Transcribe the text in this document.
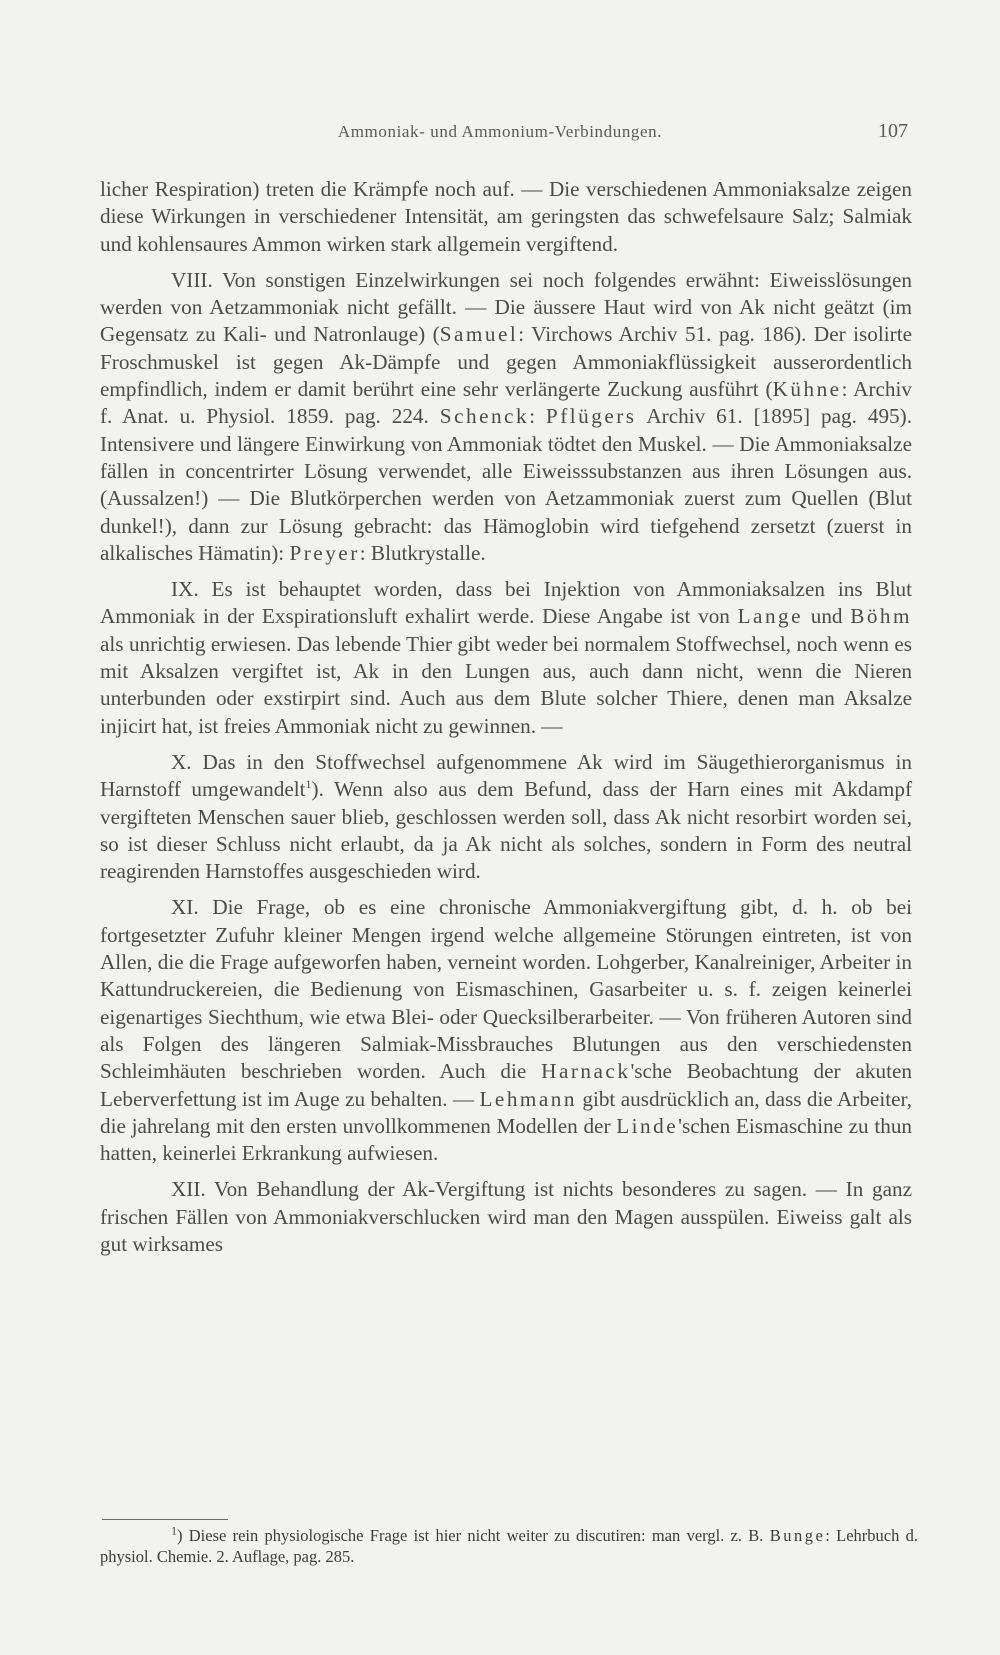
Ammoniak- und Ammonium-Verbindungen.	107

licher Respiration) treten die Krämpfe noch auf. — Die verschiedenen Ammoniaksalze zeigen diese Wirkungen in verschiedener Intensität, am geringsten das schwefelsaure Salz; Salmiak und kohlensaures Ammon wirken stark allgemein vergiftend.

VIII. Von sonstigen Einzelwirkungen sei noch folgendes erwähnt: Eiweisslösungen werden von Aetzammoniak nicht gefällt. — Die äussere Haut wird von Ak nicht geätzt (im Gegensatz zu Kali- und Natronlauge) (Samuel: Virchows Archiv 51. pag. 186). Der isolirte Froschmuskel ist gegen Ak-Dämpfe und gegen Ammoniakflüssigkeit ausserordentlich empfindlich, indem er damit berührt eine sehr verlängerte Zuckung ausführt (Kühne: Archiv f. Anat. u. Physiol. 1859. pag. 224. Schenck: Pflügers Archiv 61. [1895] pag. 495). Intensivere und längere Einwirkung von Ammoniak tödtet den Muskel. — Die Ammoniaksalze fällen in concentrirter Lösung verwendet, alle Eiweisssubstanzen aus ihren Lösungen aus. (Aussalzen!) — Die Blutkörperchen werden von Aetzammoniak zuerst zum Quellen (Blut dunkel!), dann zur Lösung gebracht: das Hämoglobin wird tiefgehend zersetzt (zuerst in alkalisches Hämatin): Preyer: Blutkrystalle.

IX. Es ist behauptet worden, dass bei Injektion von Ammoniaksalzen ins Blut Ammoniak in der Exspirationsluft exhalirt werde. Diese Angabe ist von Lange und Böhm als unrichtig erwiesen. Das lebende Thier gibt weder bei normalem Stoffwechsel, noch wenn es mit Aksalzen vergiftet ist, Ak in den Lungen aus, auch dann nicht, wenn die Nieren unterbunden oder exstirpirt sind. Auch aus dem Blute solcher Thiere, denen man Aksalze injicirt hat, ist freies Ammoniak nicht zu gewinnen. —

X. Das in den Stoffwechsel aufgenommene Ak wird im Säugethierorganismus in Harnstoff umgewandelt$^1$). Wenn also aus dem Befund, dass der Harn eines mit Akdampf vergifteten Menschen sauer blieb, geschlossen werden soll, dass Ak nicht resorbirt worden sei, so ist dieser Schluss nicht erlaubt, da ja Ak nicht als solches, sondern in Form des neutral reagirenden Harnstoffes ausgeschieden wird.

XI. Die Frage, ob es eine chronische Ammoniakvergiftung gibt, d. h. ob bei fortgesetzter Zufuhr kleiner Mengen irgend welche allgemeine Störungen eintreten, ist von Allen, die die Frage aufgeworfen haben, verneint worden. Lohgerber, Kanalreiniger, Arbeiter in Kattundruckereien, die Bedienung von Eismaschinen, Gasarbeiter u. s. f. zeigen keinerlei eigenartiges Siechthum, wie etwa Blei- oder Quecksilberarbeiter. — Von früheren Autoren sind als Folgen des längeren Salmiak-Missbrauches Blutungen aus den verschiedensten Schleimhäuten beschrieben worden. Auch die Harnack'sche Beobachtung der akuten Leberverfettung ist im Auge zu behalten. — Lehmann gibt ausdrücklich an, dass die Arbeiter, die jahrelang mit den ersten unvollkommenen Modellen der Linde'schen Eismaschine zu thun hatten, keinerlei Erkrankung aufwiesen.

XII. Von Behandlung der Ak-Vergiftung ist nichts besonderes zu sagen. — In ganz frischen Fällen von Ammoniakverschlucken wird man den Magen ausspülen. Eiweiss galt als gut wirksames

$^1$) Diese rein physiologische Frage ist hier nicht weiter zu discutiren: man vergl. z. B. Bunge: Lehrbuch d. physiol. Chemie. 2. Auflage, pag. 285.
